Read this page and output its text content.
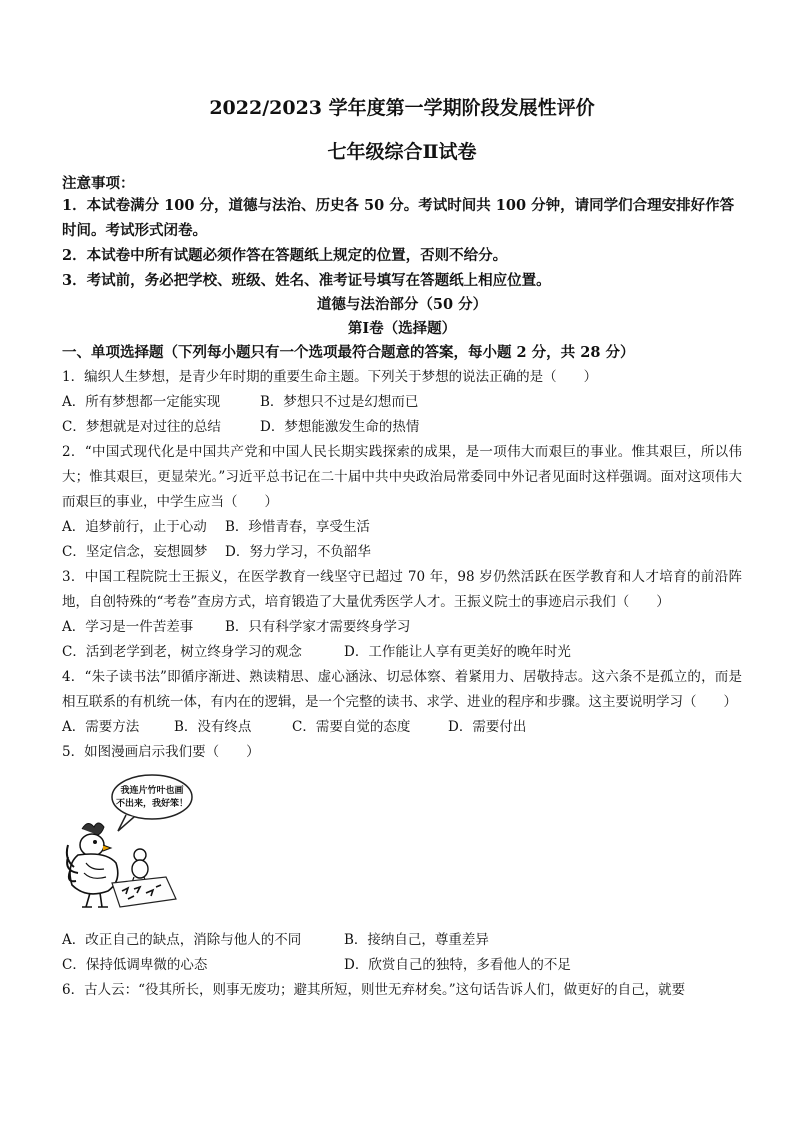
2022/2023 学年度第一学期阶段发展性评价
七年级综合Ⅱ试卷
注意事项：
1．本试卷满分 100 分，道德与法治、历史各 50 分。考试时间共 100 分钟，请同学们合理安排好作答时间。考试形式闭卷。
2．本试卷中所有试题必须作答在答题纸上规定的位置，否则不给分。
3．考试前，务必把学校、班级、姓名、准考证号填写在答题纸上相应位置。
道德与法治部分（50 分）
第Ⅰ卷（选择题）
一、单项选择题（下列每小题只有一个选项最符合题意的答案，每小题 2 分，共 28 分）
1．编织人生梦想，是青少年时期的重要生命主题。下列关于梦想的说法正确的是（　　）
A．所有梦想都一定能实现	B．梦想只不过是幻想而已
C．梦想就是对过往的总结	D．梦想能激发生命的热情
2．“中国式现代化是中国共产党和中国人民长期实践探索的成果，是一项伟大而艰巨的事业。惟其艰巨，所以伟大；惟其艰巨，更显荣光。”习近平总书记在二十届中共中央政治局常委同中外记者见面时这样强调。面对这项伟大而艰巨的事业，中学生应当（　　）
A．追梦前行，止于心动	B．珍惜青春，享受生活
C．坚定信念，妄想圆梦	D．努力学习，不负韶华
3．中国工程院院士王振义，在医学教育一线坚守已超过 70 年，98 岁仍然活跃在医学教育和人才培育的前沿阵地，自创特殊的“考卷”查房方式，培育锻造了大量优秀医学人才。王振义院士的事迹启示我们（　　）
A．学习是一件苦差事	B．只有科学家才需要终身学习
C．活到老学到老，树立终身学习的观念	D．工作能让人享有更美好的晚年时光
4．“朱子读书法”即循序渐进、熟读精思、虚心涵泳、切忌体察、着紧用力、居敬持志。这六条不是孤立的，而是相互联系的有机统一体，有内在的逻辑，是一个完整的读书、求学、进业的程序和步骤。这主要说明学习（　　）
A．需要方法	B．没有终点	C．需要自觉的态度	D．需要付出
5．如图漫画启示我们要（　　）
我连片竹叶也画
不出来，我好笨！
A．改正自己的缺点，消除与他人的不同	B．接纳自己，尊重差异
C．保持低调卑微的心态	D．欣赏自己的独特，多看他人的不足
6．古人云：“役其所长，则事无废功；避其所短，则世无弃材矣。”这句话告诉人们，做更好的自己，就要
